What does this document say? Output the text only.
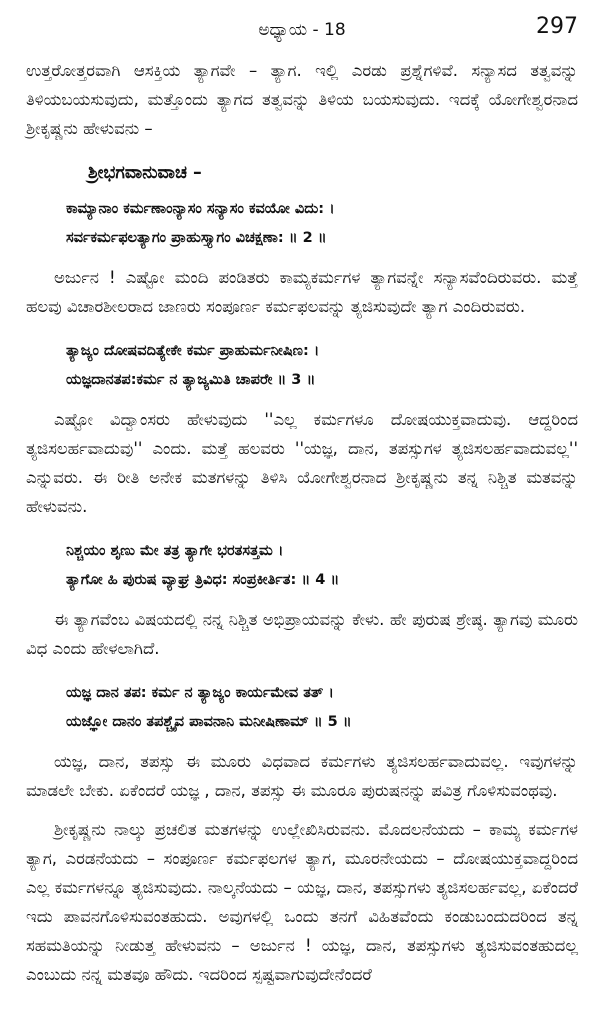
ಅಧ್ಯಾಯ - 18	297

ಉತ್ತರೋತ್ತರವಾಗಿ ಆಸಕ್ತಿಯ ತ್ಯಾಗವೇ – ತ್ಯಾಗ. ಇಲ್ಲಿ ಎರಡು ಪ್ರಶ್ನೆಗಳಿವೆ. ಸನ್ಯಾಸದ ತತ್ವವನ್ನು ತಿಳಿಯಬಯಸುವುದು, ಮತ್ತೊಂದು ತ್ಯಾಗದ ತತ್ವವನ್ನು ತಿಳಿಯ ಬಯಸುವುದು. ಇದಕ್ಕೆ ಯೋಗೇಶ್ವರನಾದ ಶ್ರೀಕೃಷ್ಣನು ಹೇಳುವನು –

ಶ್ರೀಭಗವಾನುವಾಚ –
ಕಾಮ್ಯಾನಾಂ ಕರ್ಮಣಾಂನ್ಯಾಸಂ ಸನ್ಯಾಸಂ ಕವಯೋ ವಿದು: ।
ಸರ್ವಕರ್ಮಫಲತ್ಯಾಗಂ ಪ್ರಾಹುಸ್ತ್ಯಾಗಂ ವಿಚಕ್ಷಣಾ: ॥ 2 ॥

ಅರ್ಜುನ ! ಎಷ್ಟೋ ಮಂದಿ ಪಂಡಿತರು ಕಾಮ್ಯಕರ್ಮಗಳ ತ್ಯಾಗವನ್ನೇ ಸನ್ಯಾಸವೆಂದಿರುವರು. ಮತ್ತೆ ಹಲವು ವಿಚಾರಶೀಲರಾದ ಜಾಣರು ಸಂಪೂರ್ಣ ಕರ್ಮಫಲವನ್ನು ತ್ಯಜಿಸುವುದೇ ತ್ಯಾಗ ಎಂದಿರುವರು.

ತ್ಯಾಜ್ಯಂ ದೋಷವದಿತ್ಯೇಕೇ ಕರ್ಮ ಪ್ರಾಹುರ್ಮನೀಷಿಣ: ।
ಯಜ್ಞದಾನತಪ:ಕರ್ಮ ನ ತ್ಯಾಜ್ಯಮಿತಿ ಚಾಪರೇ ॥ 3 ॥

ಎಷ್ಟೋ ವಿದ್ವಾಂಸರು ಹೇಳುವುದು ''ಎಲ್ಲ ಕರ್ಮಗಳೂ ದೋಷಯುಕ್ತವಾದುವು. ಆದ್ದರಿಂದ ತ್ಯಜಿಸಲರ್ಹವಾದುವು'' ಎಂದು. ಮತ್ತೆ ಹಲವರು ''ಯಜ್ಞ, ದಾನ, ತಪಸ್ಸುಗಳ ತ್ಯಜಿಸಲರ್ಹವಾದುವಲ್ಲ'' ಎನ್ನುವರು. ಈ ರೀತಿ ಅನೇಕ ಮತಗಳನ್ನು ತಿಳಿಸಿ ಯೋಗೇಶ್ವರನಾದ ಶ್ರೀಕೃಷ್ಣನು ತನ್ನ ನಿಶ್ಚಿತ ಮತವನ್ನು ಹೇಳುವನು.

ನಿಶ್ಚಯಂ ಶೃಣು ಮೇ ತತ್ರ ತ್ಯಾಗೇ ಭರತಸತ್ತಮ ।
ತ್ಯಾಗೋ ಹಿ ಪುರುಷ ವ್ಯಾಘ್ರ ತ್ರಿವಿಧ: ಸಂಪ್ರಕೀರ್ತಿತ: ॥ 4 ॥

ಈ ತ್ಯಾಗವೆಂಬ ವಿಷಯದಲ್ಲಿ ನನ್ನ ನಿಶ್ಚಿತ ಅಭಿಪ್ರಾಯವನ್ನು ಕೇಳು. ಹೇ ಪುರುಷ ಶ್ರೇಷ್ಠ. ತ್ಯಾಗವು ಮೂರು ವಿಧ ಎಂದು ಹೇಳಲಾಗಿದೆ.

ಯಜ್ಞ ದಾನ ತಪ: ಕರ್ಮ ನ ತ್ಯಾಜ್ಯಂ ಕಾರ್ಯಮೇವ ತತ್ ।
ಯಜ್ಞೋ ದಾನಂ ತಪಶ್ಚೈವ ಪಾವನಾನಿ ಮನೀಷಿಣಾಮ್ ॥ 5 ॥

ಯಜ್ಞ, ದಾನ, ತಪಸ್ಸು ಈ ಮೂರು ವಿಧವಾದ ಕರ್ಮಗಳು ತ್ಯಜಿಸಲರ್ಹವಾದುವಲ್ಲ. ಇವುಗಳನ್ನು ಮಾಡಲೇ ಬೇಕು. ಏಕೆಂದರೆ ಯಜ್ಞ , ದಾನ, ತಪಸ್ಸು ಈ ಮೂರೂ ಪುರುಷನನ್ನು ಪವಿತ್ರ ಗೊಳಿಸುವಂಥವು.

ಶ್ರೀಕೃಷ್ಣನು ನಾಲ್ಕು ಪ್ರಚಲಿತ ಮತಗಳನ್ನು ಉಲ್ಲೇಖಿಸಿರುವನು. ಮೊದಲನೆಯದು – ಕಾಮ್ಯ ಕರ್ಮಗಳ ತ್ಯಾಗ, ಎರಡನೆಯದು – ಸಂಪೂರ್ಣ ಕರ್ಮಫಲಗಳ ತ್ಯಾಗ, ಮೂರನೇಯದು – ದೋಷಯುಕ್ತವಾದ್ದರಿಂದ ಎಲ್ಲ ಕರ್ಮಗಳನ್ನೂ ತ್ಯಜಿಸುವುದು. ನಾಲ್ಕನೆಯದು – ಯಜ್ಞ, ದಾನ, ತಪಸ್ಸುಗಳು ತ್ಯಜಿಸಲರ್ಹವಲ್ಲ, ಏಕೆಂದರೆ ಇದು ಪಾವನಗೊಳಿಸುವಂತಹುದು. ಅವುಗಳಲ್ಲಿ ಒಂದು ತನಗೆ ವಿಹಿತವೆಂದು ಕಂಡುಬಂದುದರಿಂದ ತನ್ನ ಸಹಮತಿಯನ್ನು ನೀಡುತ್ತ ಹೇಳುವನು – ಅರ್ಜುನ ! ಯಜ್ಞ, ದಾನ, ತಪಸ್ಸುಗಳು ತ್ಯಜಿಸುವಂತಹುದಲ್ಲ ಎಂಬುದು ನನ್ನ ಮತವೂ ಹೌದು. ಇದರಿಂದ ಸ್ಪಷ್ಟವಾಗುವುದೇನೆಂದರೆ
